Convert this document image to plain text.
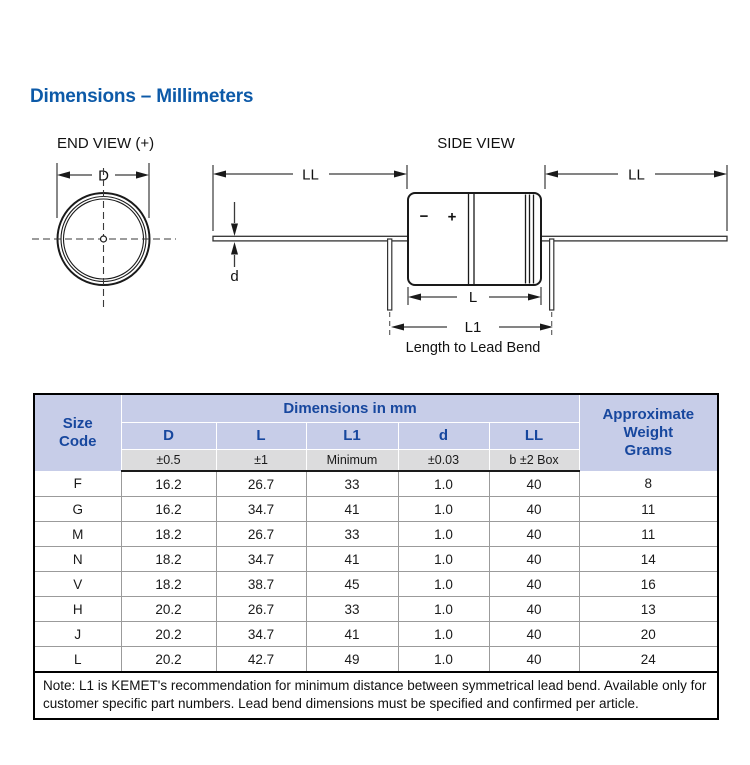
Dimensions – Millimeters
END VIEW (+)
D
SIDE VIEW
LL	LL
− +
d
L
L1
Length to Lead Bend
Size Code	Dimensions in mm					Approximate Weight Grams

	D	L	L1	d	LL	
	±0.5	±1	Minimum	±0.03	b ±2 Box	
F	16.2	26.7	33	1.0	40	8
G	16.2	34.7	41	1.0	40	11
M	18.2	26.7	33	1.0	40	11
N	18.2	34.7	41	1.0	40	14
V	18.2	38.7	45	1.0	40	16
H	20.2	26.7	33	1.0	40	13
J	20.2	34.7	41	1.0	40	20
L	20.2	42.7	49	1.0	40	24
Note: L1 is KEMET's recommendation for minimum distance between symmetrical lead bend. Available only for customer specific part numbers. Lead bend dimensions must be specified and confirmed per article.						
